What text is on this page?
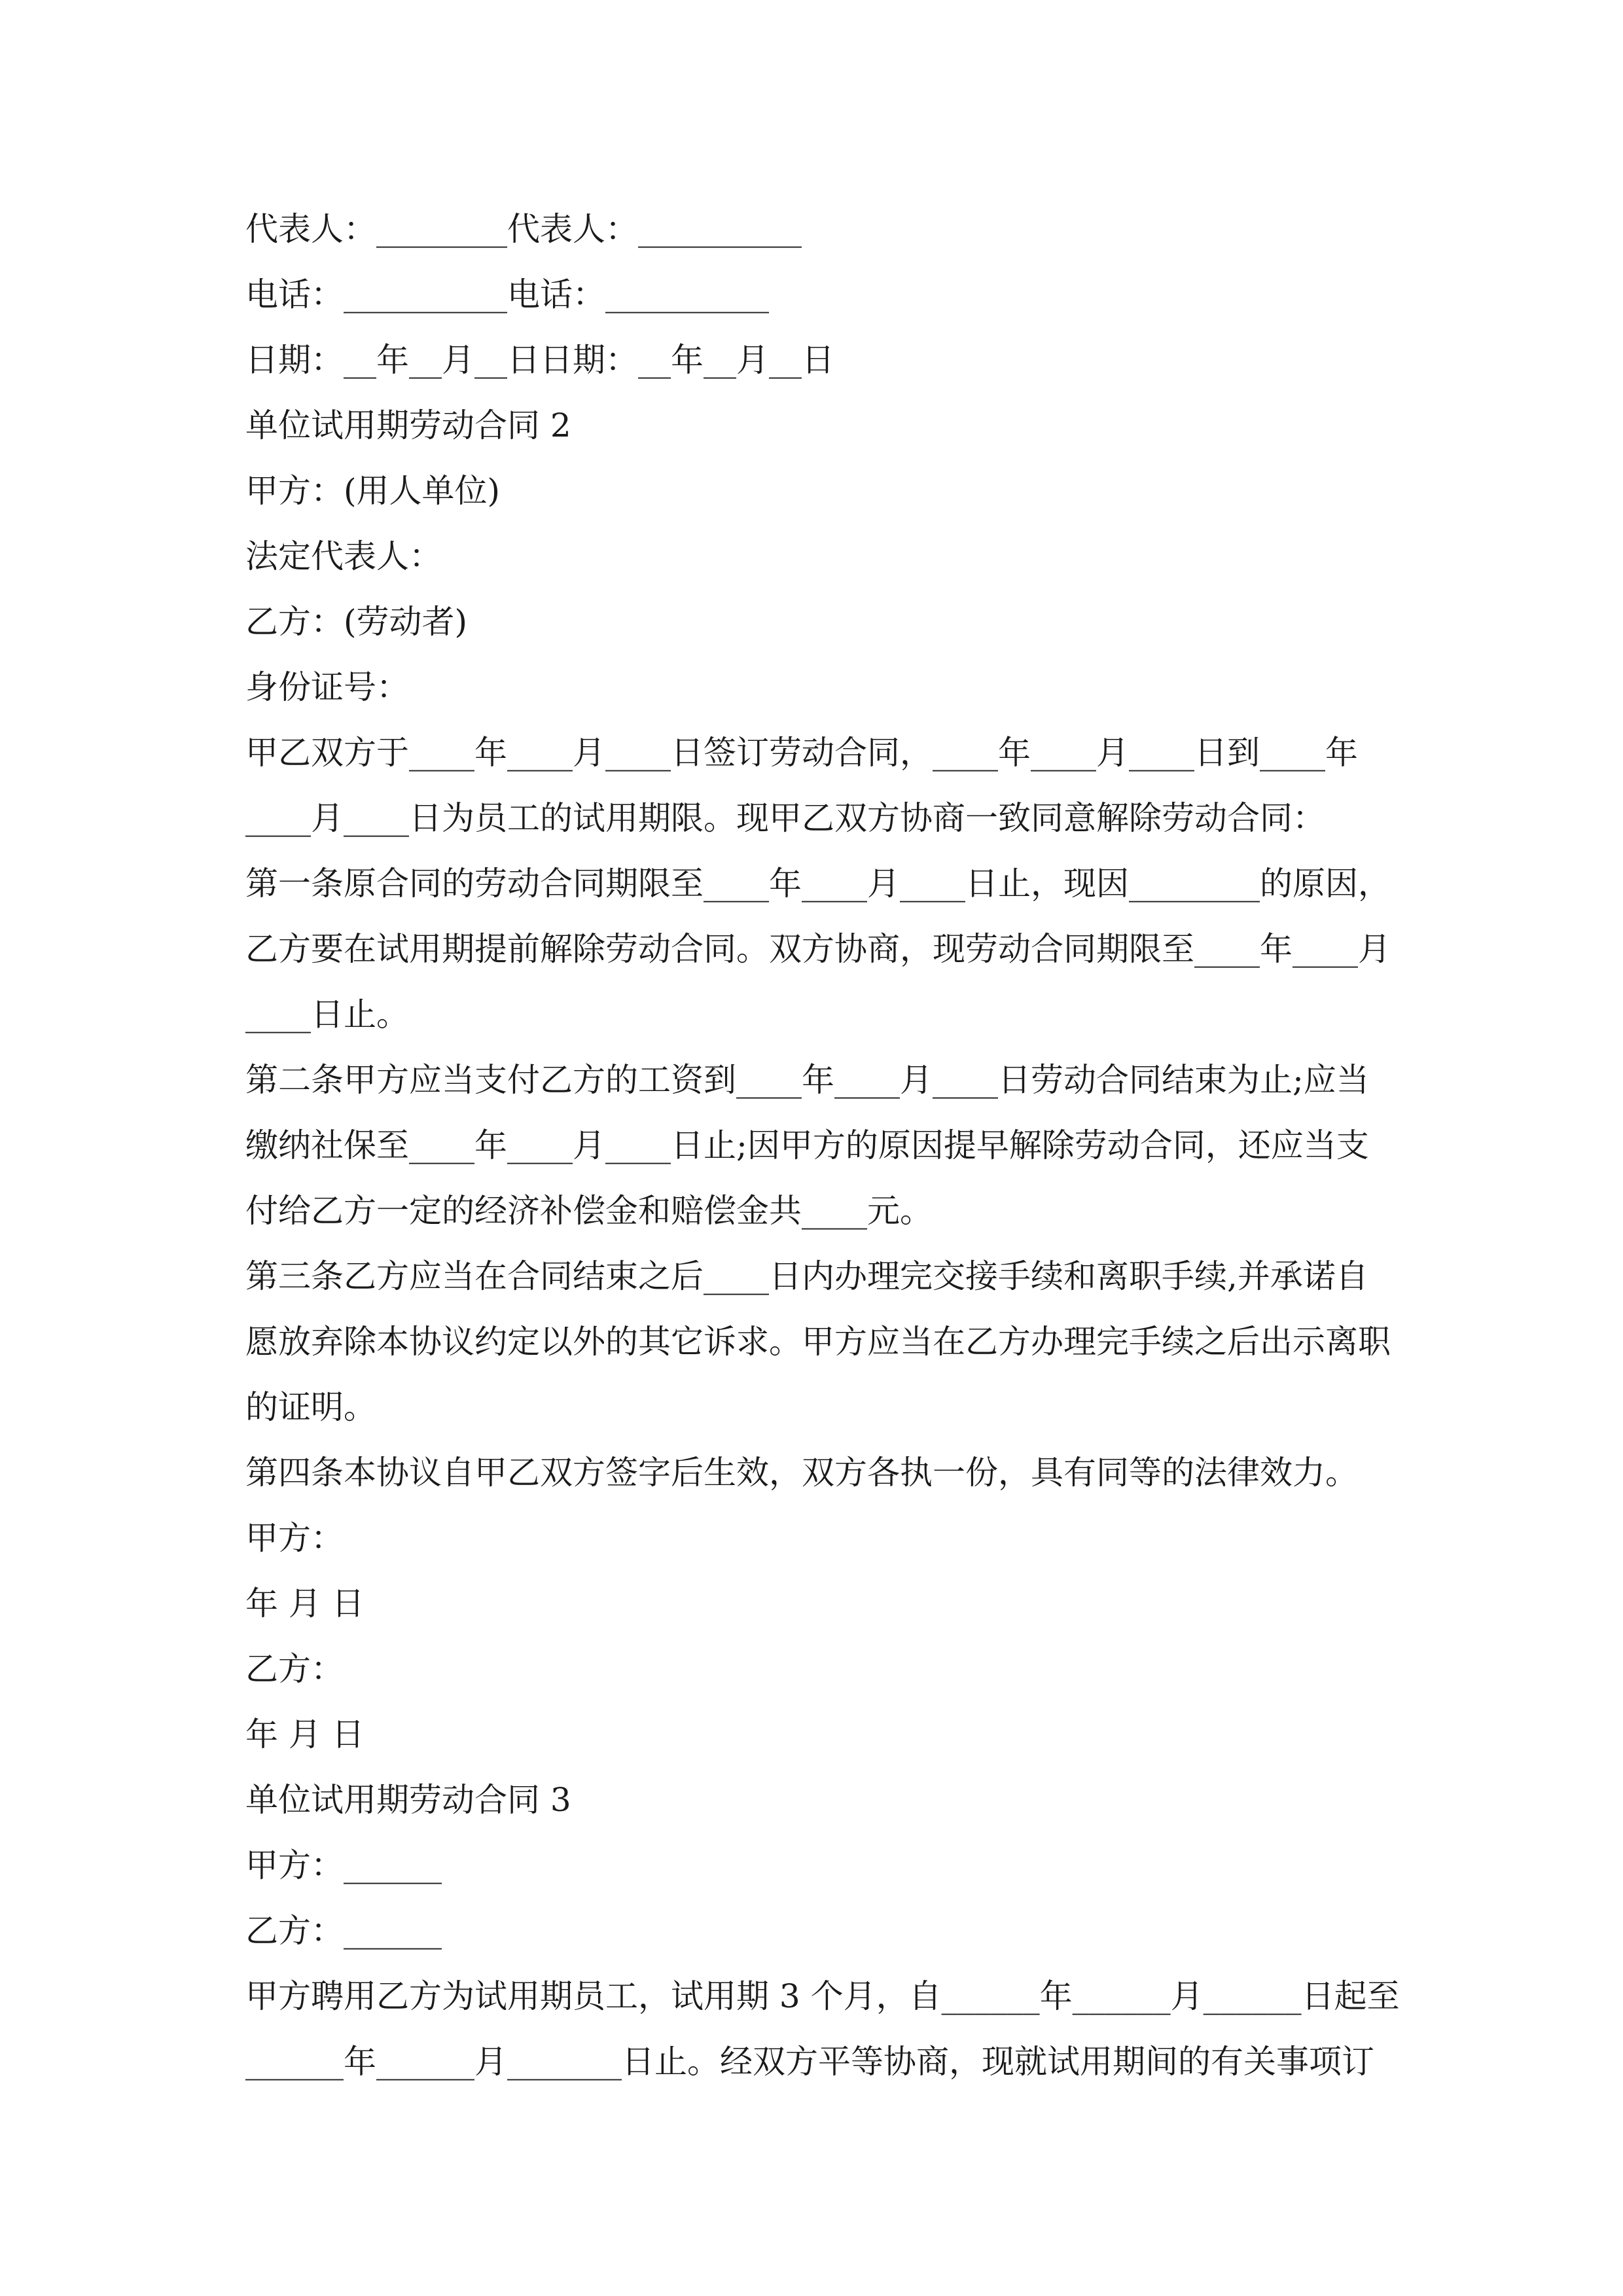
代表人：________代表人：__________
电话：__________电话：__________
日期：__年__月__日日期：__年__月__日
单位试用期劳动合同 2
甲方：(用人单位)
法定代表人：
乙方：(劳动者)
身份证号：
甲乙双方于____年____月____日签订劳动合同，____年____月____日到____年
____月____日为员工的试用期限。现甲乙双方协商一致同意解除劳动合同：
第一条原合同的劳动合同期限至____年____月____日止，现因________的原因，
乙方要在试用期提前解除劳动合同。双方协商，现劳动合同期限至____年____月
____日止。
第二条甲方应当支付乙方的工资到____年____月____日劳动合同结束为止;应当
缴纳社保至____年____月____日止;因甲方的原因提早解除劳动合同，还应当支
付给乙方一定的经济补偿金和赔偿金共____元。
第三条乙方应当在合同结束之后____日内办理完交接手续和离职手续,并承诺自
愿放弃除本协议约定以外的其它诉求。甲方应当在乙方办理完手续之后出示离职
的证明。
第四条本协议自甲乙双方签字后生效，双方各执一份，具有同等的法律效力。
甲方：
年 月 日
乙方：
年 月 日
单位试用期劳动合同 3
甲方：______
乙方：______
甲方聘用乙方为试用期员工，试用期 3 个月，自______年______月______日起至
______年______月_______日止。经双方平等协商，现就试用期间的有关事项订
